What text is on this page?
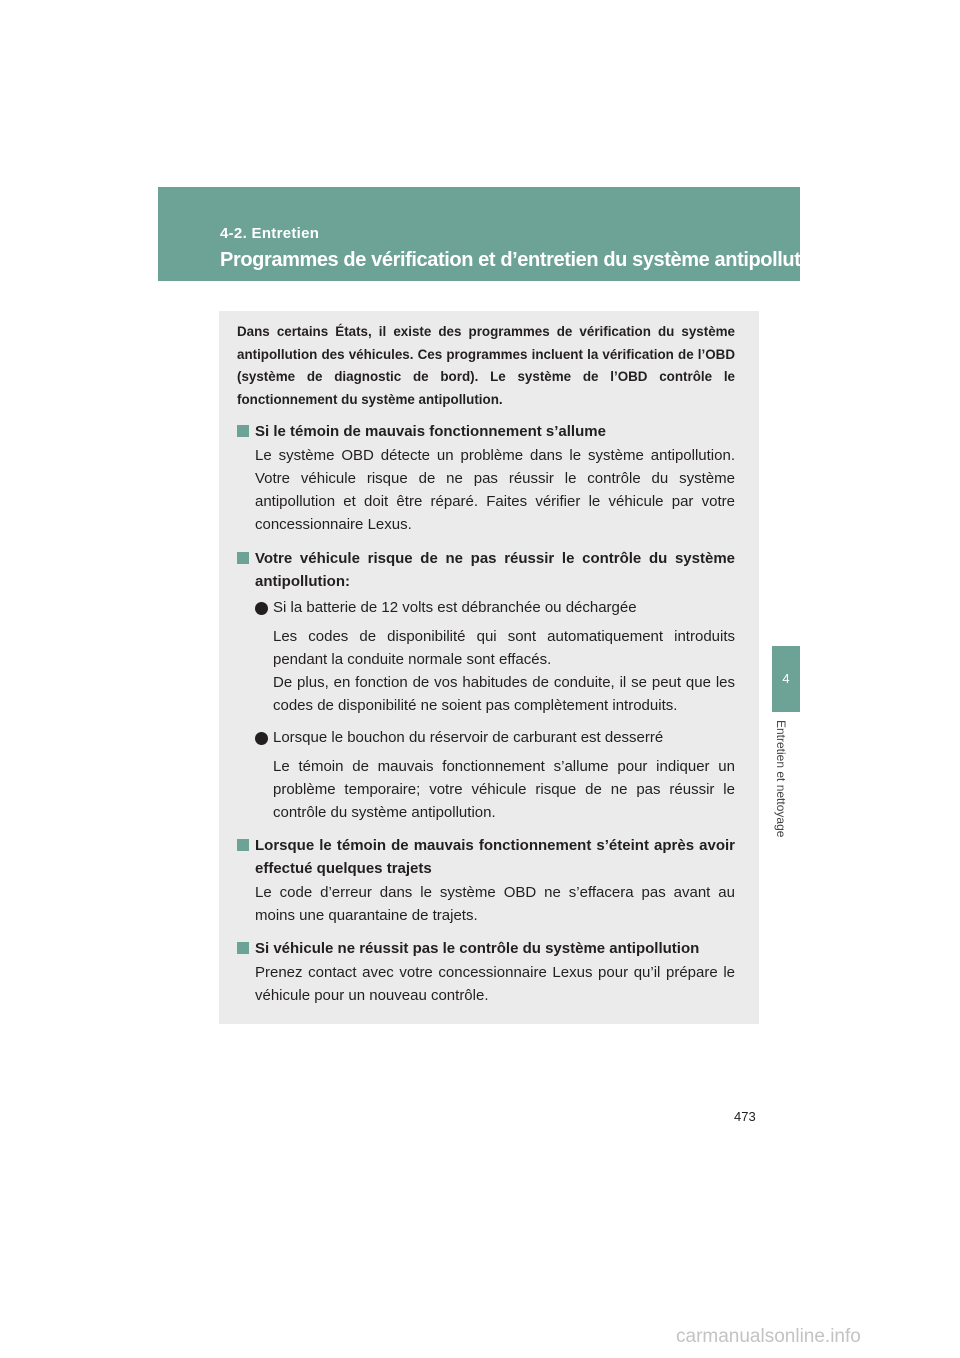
4-2. Entretien
Programmes de vérification et d’entretien du système antipollution
4
Entretien et nettoyage

Dans certains États, il existe des programmes de vérification du système antipollution des véhicules. Ces programmes incluent la vérification de l’OBD (système de diagnostic de bord). Le système de l’OBD contrôle le fonctionnement du système antipollution.

Si le témoin de mauvais fonctionnement s’allume

Le système OBD détecte un problème dans le système antipollution. Votre véhicule risque de ne pas réussir le contrôle du système antipollution et doit être réparé. Faites vérifier le véhicule par votre concessionnaire Lexus.

Votre véhicule risque de ne pas réussir le contrôle du système antipollution:

Si la batterie de 12 volts est débranchée ou déchargée

Les codes de disponibilité qui sont automatiquement introduits pendant la conduite normale sont effacés.
De plus, en fonction de vos habitudes de conduite, il se peut que les codes de disponibilité ne soient pas complètement introduits.

Lorsque le bouchon du réservoir de carburant est desserré

Le témoin de mauvais fonctionnement s’allume pour indiquer un problème temporaire; votre véhicule risque de ne pas réussir le contrôle du système antipollution.

Lorsque le témoin de mauvais fonctionnement s’éteint après avoir effectué quelques trajets

Le code d’erreur dans le système OBD ne s’effacera pas avant au moins une quarantaine de trajets.

Si véhicule ne réussit pas le contrôle du système antipollution

Prenez contact avec votre concessionnaire Lexus pour qu’il prépare le véhicule pour un nouveau contrôle.

473
carmanualsonline.info
